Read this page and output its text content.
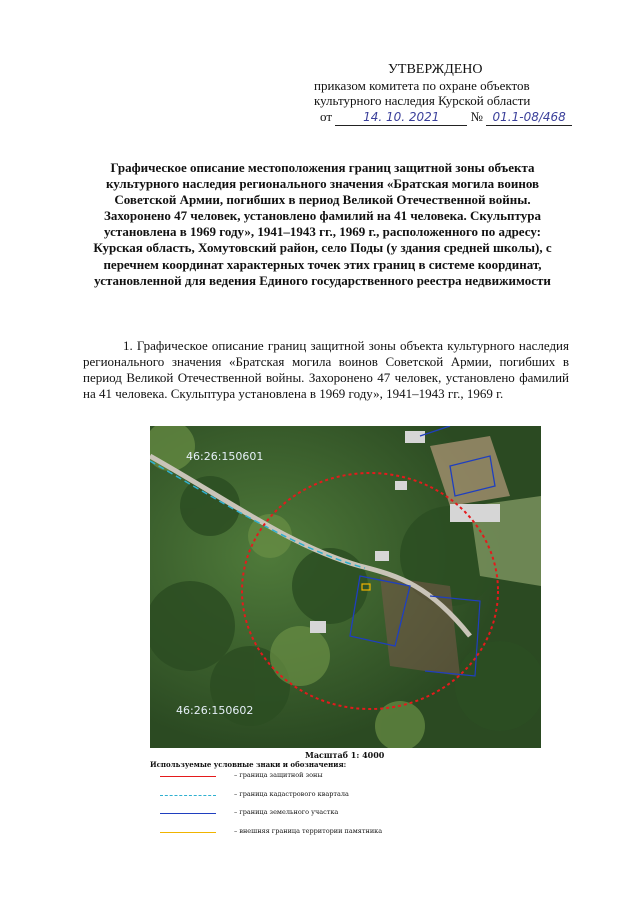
УТВЕРЖДЕНО
приказом комитета по охране объектов
культурного наследия Курской области
от	14. 10. 2021 № 01.1-08/468
Графическое описание местоположения границ защитной зоны объекта культурного наследия регионального значения «Братская могила воинов Советской Армии, погибших в период Великой Отечественной войны. Захоронено 47 человек, установлено фамилий на 41 человека. Скульптура установлена в 1969 году», 1941–1943 гг., 1969 г., расположенного по адресу: Курская область, Хомутовский район, село Поды (у здания средней школы), с перечнем координат характерных точек этих границ в системе координат, установленной для ведения Единого государственного реестра недвижимости
1. Графическое описание границ защитной зоны объекта культурного наследия регионального значения «Братская могила воинов Советской Армии, погибших в период Великой Отечественной войны. Захоронено 47 человек, установлено фамилий на 41 человека. Скульптура установлена в 1969 году», 1941–1943 гг., 1969 г.
46:26:150601
46:26:150602
Масштаб 1: 4000
Используемые условные знаки и обозначения:
– граница защитной зоны
– граница кадастрового квартала
– граница земельного участка
– внешняя граница территории памятника
